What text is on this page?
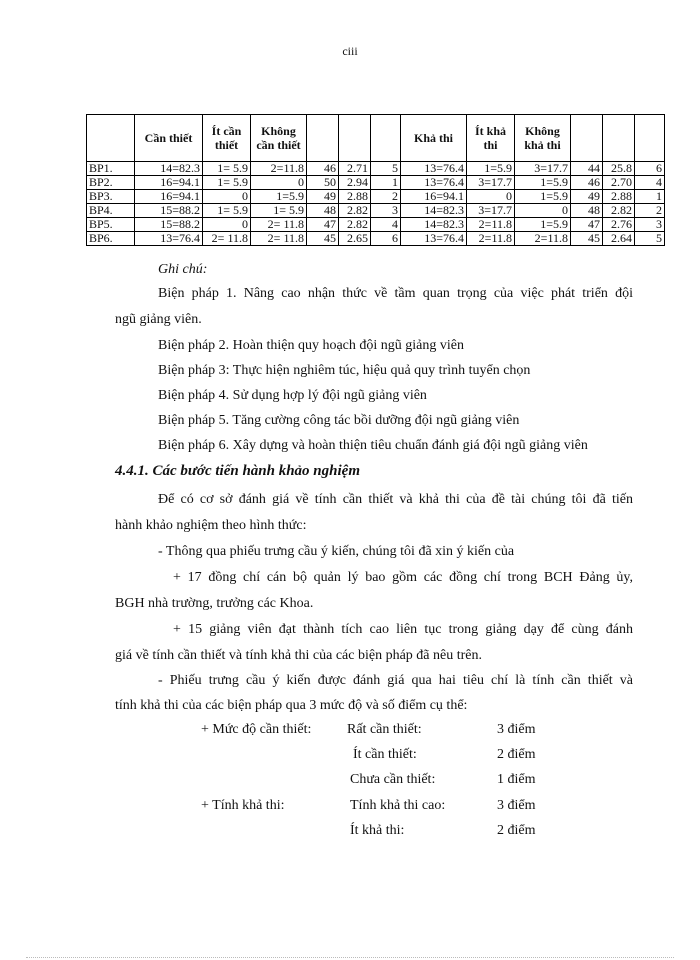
ciii
	Cần thiết	Ít cần thiết	Không cần thiết				Khả thi	Ít khả thi	Không khả thi			
BP1.	14=82.3	1= 5.9	2=11.8	46	2.71	5	13=76.4	1=5.9	3=17.7	44	25.8	6
BP2.	16=94.1	1= 5.9	0	50	2.94	1	13=76.4	3=17.7	1=5.9	46	2.70	4
BP3.	16=94.1	0	1=5.9	49	2.88	2	16=94.1	0	1=5.9	49	2.88	1
BP4.	15=88.2	1= 5.9	1= 5.9	48	2.82	3	14=82.3	3=17.7	0	48	2.82	2
BP5.	15=88.2	0	2= 11.8	47	2.82	4	14=82.3	2=11.8	1=5.9	47	2.76	3
BP6.	13=76.4	2= 11.8	2= 11.8	45	2.65	6	13=76.4	2=11.8	2=11.8	45	2.64	5
Ghi chú:
Biện pháp 1. Nâng cao nhận thức về tầm quan trọng của việc phát triển đội
ngũ giảng viên.
Biện pháp 2. Hoàn thiện quy hoạch đội ngũ giảng viên
Biện pháp 3: Thực hiện nghiêm túc, hiệu quả quy trình tuyển chọn
Biện pháp 4. Sử dụng hợp lý đội ngũ giảng viên
Biện pháp 5. Tăng cường công tác bồi dưỡng đội ngũ giảng viên
Biện pháp 6. Xây dựng và hoàn thiện tiêu chuẩn đánh giá đội ngũ giảng viên
4.4.1. Các bước tiến hành khảo nghiệm
Để có cơ sở đánh giá về tính cần thiết và khả thi của đề tài chúng tôi đã tiến
hành khảo nghiệm theo hình thức:
- Thông qua phiếu trưng cầu ý kiến, chúng tôi đã xin ý kiến của
+ 17 đồng chí cán bộ quản lý bao gồm các đồng chí trong BCH Đảng ủy,
BGH nhà trường, trưởng các Khoa.
+ 15 giảng viên đạt thành tích cao liên tục trong giảng dạy để cùng đánh
giá về tính cần thiết và tính khả thi của các biện pháp đã nêu trên.
- Phiếu trưng cầu ý kiến được đánh giá qua hai tiêu chí là tính cần thiết và
tính khả thi của các biện pháp qua 3 mức độ và số điểm cụ thể:
+ Mức độ cần thiết:	Rất cần thiết:	3 điểm
Ít cần thiết:	2 điểm
Chưa cần thiết:	1 điểm
+ Tính khả thi:	Tính khả thi cao:	3 điểm
Ít khả thi:	2 điểm
